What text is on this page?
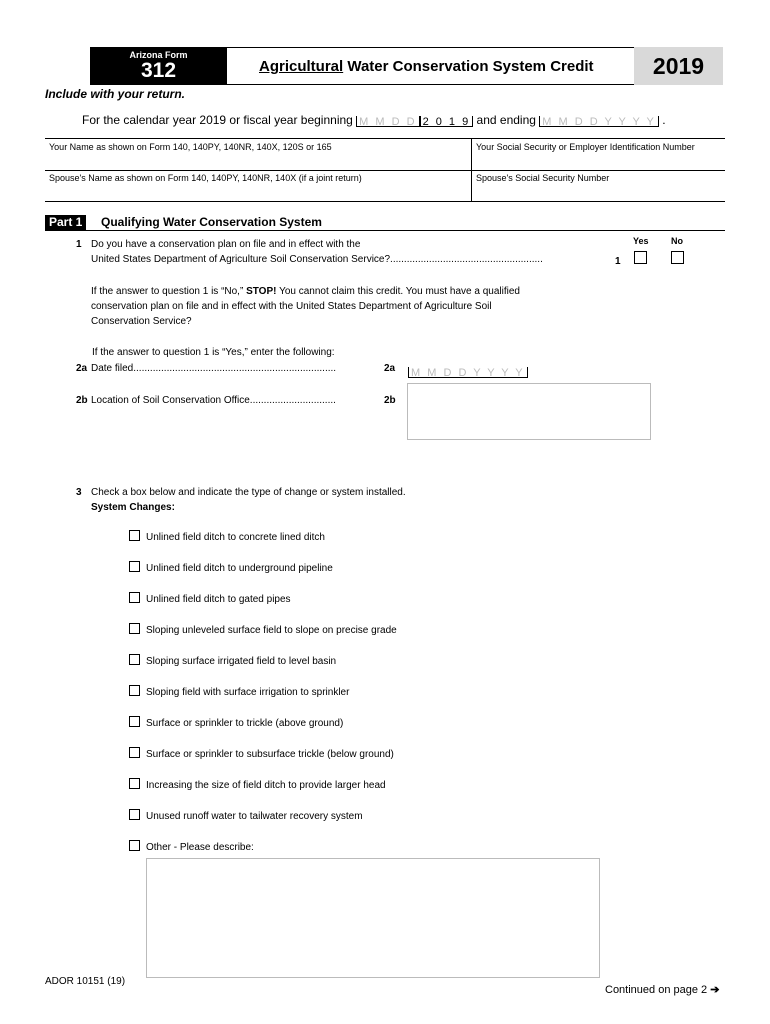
Arizona Form
312	Agricultural Water Conservation System Credit	2019
Include with your return.
For the calendar year 2019 or fiscal year beginning M M D D 2 0 1 9 and ending M M D D Y Y Y Y .
Your Name as shown on Form 140, 140PY, 140NR, 140X, 120S or 165	Your Social Security or Employer Identification Number
Spouse's Name as shown on Form 140, 140PY, 140NR, 140X (if a joint return)	Spouse's Social Security Number
Part 1	Qualifying Water Conservation System
1 Do you have a conservation plan on file and in effect with the
United States Department of Agriculture Soil Conservation Service?.......................................................	1
Yes No
If the answer to question 1 is “No,” STOP! You cannot claim this credit. You must have a qualified
conservation plan on file and in effect with the United States Department of Agriculture Soil
Conservation Service?
If the answer to question 1 is “Yes,” enter the following:
2a Date filed.........................................................................	2a M M D D Y Y Y Y
2b Location of Soil Conservation Office...............................	2b
3 Check a box below and indicate the type of change or system installed.
System Changes:
Unlined field ditch to concrete lined ditch
Unlined field ditch to underground pipeline
Unlined field ditch to gated pipes
Sloping unleveled surface field to slope on precise grade
Sloping surface irrigated field to level basin
Sloping field with surface irrigation to sprinkler
Surface or sprinkler to trickle (above ground)
Surface or sprinkler to subsurface trickle (below ground)
Increasing the size of field ditch to provide larger head
Unused runoff water to tailwater recovery system
Other - Please describe:
ADOR 10151 (19)
Continued on page 2 ➔
